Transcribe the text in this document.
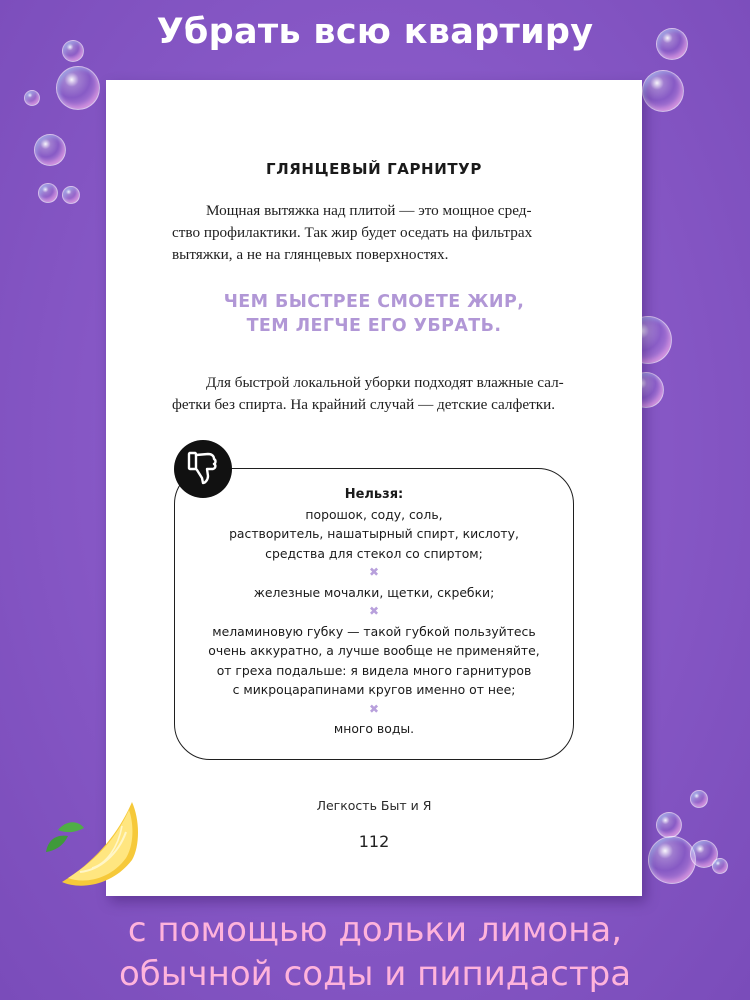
Убрать всю квартиру
ГЛЯНЦЕВЫЙ ГАРНИТУР

Мощная вытяжка над плитой — это мощное сред-
ство профилактики. Так жир будет оседать на фильтрах
вытяжки, а не на глянцевых поверхностях.

ЧЕМ БЫСТРЕЕ СМОЕТЕ ЖИР,
ТЕМ ЛЕГЧЕ ЕГО УБРАТЬ.

Для быстрой локальной уборки подходят влажные сал-
фетки без спирта. На крайний случай — детские салфетки.

Нельзя:
порошок, соду, соль,
растворитель, нашатырный спирт, кислоту,
средства для стекол со спиртом;
✖
железные мочалки, щетки, скребки;
✖
меламиновую губку — такой губкой пользуйтесь
очень аккуратно, а лучше вообще не применяйте,
от греха подальше: я видела много гарнитуров
с микроцарапинами кругов именно от нее;
✖
много воды.
Легкость Быт и Я
112
с помощью дольки лимона,
обычной соды и пипидастра
